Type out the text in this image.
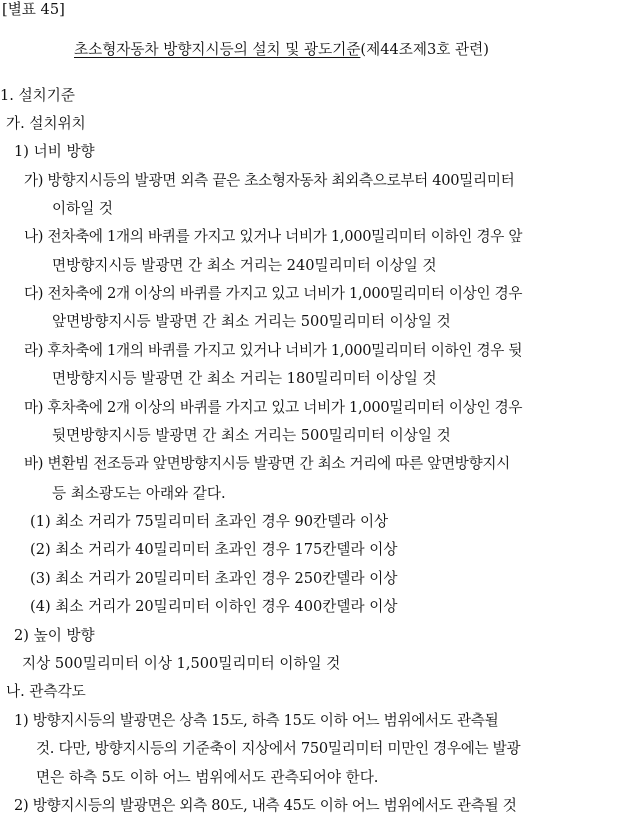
[별표 45]
초소형자동차 방향지시등의 설치 및 광도기준(제44조제3호 관련)
1. 설치기준
가. 설치위치
1) 너비 방향
가) 방향지시등의 발광면 외측 끝은 초소형자동차 최외측으로부터 400밀리미터
이하일 것
나) 전차축에 1개의 바퀴를 가지고 있거나 너비가 1,000밀리미터 이하인 경우 앞
면방향지시등 발광면 간 최소 거리는 240밀리미터 이상일 것
다) 전차축에 2개 이상의 바퀴를 가지고 있고 너비가 1,000밀리미터 이상인 경우
앞면방향지시등 발광면 간 최소 거리는 500밀리미터 이상일 것
라) 후차축에 1개의 바퀴를 가지고 있거나 너비가 1,000밀리미터 이하인 경우 뒷
면방향지시등 발광면 간 최소 거리는 180밀리미터 이상일 것
마) 후차축에 2개 이상의 바퀴를 가지고 있고 너비가 1,000밀리미터 이상인 경우
뒷면방향지시등 발광면 간 최소 거리는 500밀리미터 이상일 것
바) 변환빔 전조등과 앞면방향지시등 발광면 간 최소 거리에 따른 앞면방향지시
등 최소광도는 아래와 같다.
(1) 최소 거리가 75밀리미터 초과인 경우 90칸델라 이상
(2) 최소 거리가 40밀리미터 초과인 경우 175칸델라 이상
(3) 최소 거리가 20밀리미터 초과인 경우 250칸델라 이상
(4) 최소 거리가 20밀리미터 이하인 경우 400칸델라 이상
2) 높이 방향
지상 500밀리미터 이상 1,500밀리미터 이하일 것
나. 관측각도
1) 방향지시등의 발광면은 상측 15도, 하측 15도 이하 어느 범위에서도 관측될
것. 다만, 방향지시등의 기준축이 지상에서 750밀리미터 미만인 경우에는 발광
면은 하측 5도 이하 어느 범위에서도 관측되어야 한다.
2) 방향지시등의 발광면은 외측 80도, 내측 45도 이하 어느 범위에서도 관측될 것
